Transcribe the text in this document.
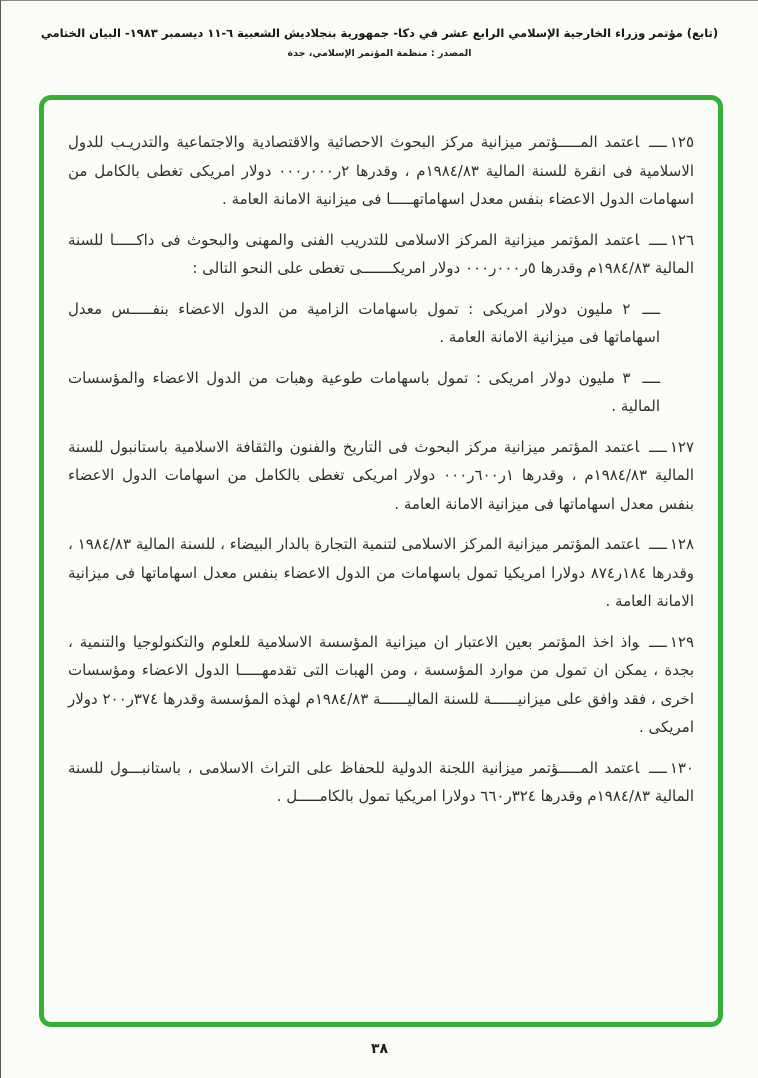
(تابع) مؤتمر وزراء الخارجية الإسلامي الرابع عشر في دكا- جمهورية بنجلاديش الشعبية ٦-١١ ديسمبر ١٩٨٣- البيان الختامي
المصدر : منظمة المؤتمر الإسلامي، جدة
١٢٥ــــاعتمد المـــــؤتمر ميزانية مركز البحوث الاحصائية والاقتصادية والاجتماعية والتدريـب للدول الاسلامية فى انقرة للسنة المالية ١٩٨٤/٨٣م ، وقدرها ٢ر٠٠٠ر٠٠٠ دولار امريكى تغطى بالكامل من اسهامات الدول الاعضاء بنفس معدل اسهاماتهـــــا فى ميزانية الامانة العامة .
١٢٦ــــاعتمد المؤتمر ميزانية المركز الاسلامى للتدريب الفنى والمهنى والبحوث فى داكـــــا للسنة المالية ١٩٨٤/٨٣م وقدرها ٥ر٠٠٠ر٠٠٠ دولار امريكـــــــى تغطى على النحو التالى :
ــــ٢ مليون دولار امريكى : تمول باسهامات الزامية من الدول الاعضاء بنفـــــس معدل اسهاماتها فى ميزانية الامانة العامة .
ــــ٣ مليون دولار امريكى : تمول باسهامات طوعية وهبات من الدول الاعضاء والمؤسسات المالية .
١٢٧ــــاعتمد المؤتمر ميزانية مركز البحوث فى التاريخ والفنون والثقافة الاسلامية باستانبول للسنة المالية ١٩٨٤/٨٣م ، وقدرها ١ر٦٠٠ر٠٠٠ دولار امريكى تغطى بالكامل من اسهامات الدول الاعضاء بنفس معدل اسهاماتها فى ميزانية الامانة العامة .
١٢٨ــــاعتمد المؤتمر ميزانية المركز الاسلامى لتنمية التجارة بالدار البيضاء ، للسنة المالية ١٩٨٤/٨٣ ، وقدرها ١٨٤ر٨٧٤ دولارا امريكيا تمول باسهامات من الدول الاعضاء بنفس معدل اسهاماتها فى ميزانية الامانة العامة .
١٢٩ــــواذ اخذ المؤتمر بعين الاعتبار ان ميزانية المؤسسة الاسلامية للعلوم والتكنولوجيا والتنمية ، بجدة ، يمكن ان تمول من موارد المؤسسة ، ومن الهبات التى تقدمهـــــا الدول الاعضاء ومؤسسات اخرى ، فقد وافق على ميزانيــــــة للسنة الماليــــــة ١٩٨٤/٨٣م لهذه المؤسسة وقدرها ٣٧٤ر٢٠٠ دولار امريكى .
١٣٠ــــاعتمد المـــــؤتمر ميزانية اللجنة الدولية للحفاظ على التراث الاسلامى ، باستانبـــول للسنة المالية ١٩٨٤/٨٣م وقدرها ٣٢٤ر٦٦٠ دولارا امريكيا تمول بالكامـــــل .
٣٨
